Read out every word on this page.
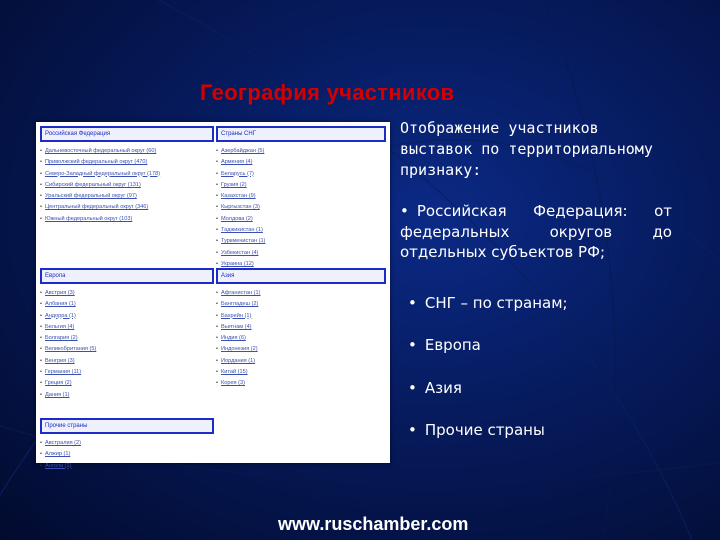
География участников
Российская Федерация
• Дальневосточный федеральный округ (60)
• Приволжский федеральный округ (470)
• Северо-Западный федеральный округ (178)
• Сибирский федеральный округ (131)
• Уральский федеральный округ (97)
• Центральный федеральный округ (346)
• Южный федеральный округ (103)
Европа
• Австрия (3)
• Албания (1)
• Андорра (1)
• Бельгия (4)
• Болгария (2)
• Великобритания (5)
• Венгрия (3)
• Германия (11)
• Греция (2)
• Дания (1)
Прочие страны
• Австралия (2)
• Алжир (1)
• Ангола (1)
Страны СНГ
• Азербайджан (5)
• Армения (4)
• Беларусь (7)
• Грузия (2)
• Казахстан (9)
• Кыргызстан (3)
• Молдова (2)
• Таджикистан (1)
• Туркменистан (1)
• Узбекистан (4)
• Украина (12)
Азия
• Афганистан (1)
• Бангладеш (2)
• Бахрейн (1)
• Вьетнам (4)
• Индия (6)
• Индонезия (2)
• Иордания (1)
• Китай (15)
• Корея (3)

Отображение участников выставок по территориальному признаку:

• Российская Федерация: от федеральных округов до отдельных субъектов РФ;

• СНГ – по странам;

• Европа

• Азия

• Прочие страны

www.ruschamber.com
